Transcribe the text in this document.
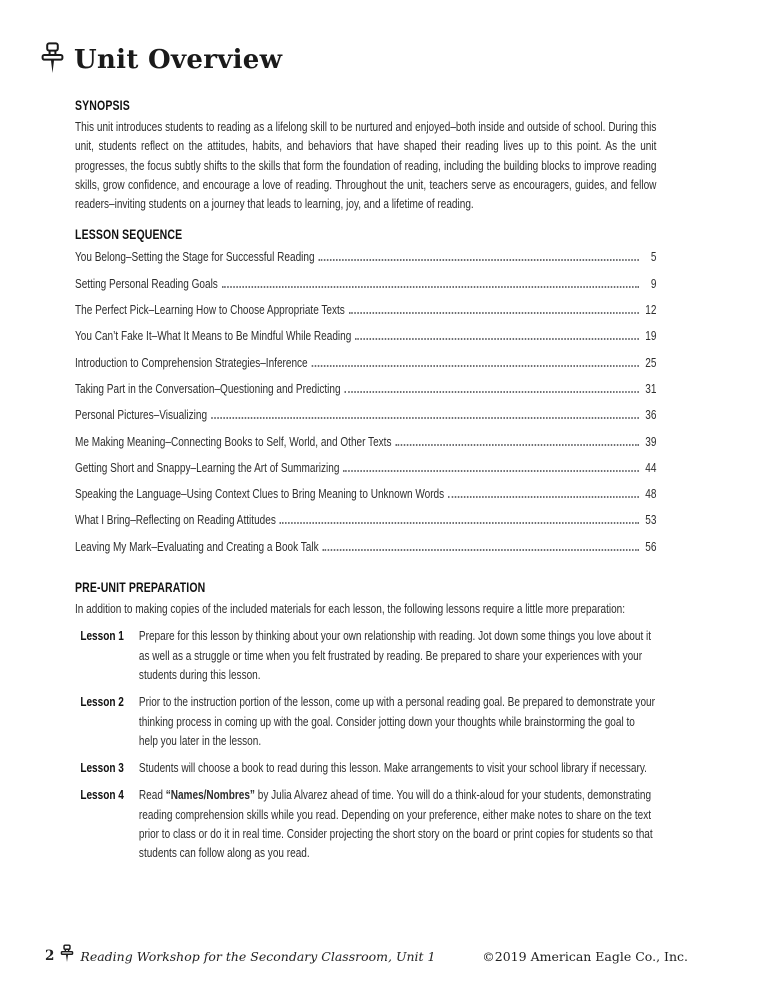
Unit Overview
SYNOPSIS

This unit introduces students to reading as a lifelong skill to be nurtured and enjoyed–both inside and outside of school. During this unit, students reflect on the attitudes, habits, and behaviors that have shaped their reading lives up to this point. As the unit progresses, the focus subtly shifts to the skills that form the foundation of reading, including the building blocks to improve reading skills, grow confidence, and encourage a love of reading. Throughout the unit, teachers serve as encouragers, guides, and fellow readers–inviting students on a journey that leads to learning, joy, and a lifetime of reading.

LESSON SEQUENCE
You Belong–Setting the Stage for Successful Reading	5
Setting Personal Reading Goals	9
The Perfect Pick–Learning How to Choose Appropriate Texts	12
You Can’t Fake It–What It Means to Be Mindful While Reading	19
Introduction to Comprehension Strategies–Inference	25
Taking Part in the Conversation–Questioning and Predicting	31
Personal Pictures–Visualizing	36
Me Making Meaning–Connecting Books to Self, World, and Other Texts	39
Getting Short and Snappy–Learning the Art of Summarizing	44
Speaking the Language–Using Context Clues to Bring Meaning to Unknown Words	48
What I Bring–Reflecting on Reading Attitudes	53
Leaving My Mark–Evaluating and Creating a Book Talk	56
PRE-UNIT PREPARATION

In addition to making copies of the included materials for each lesson, the following lessons require a little more preparation:

Lesson 1	Prepare for this lesson by thinking about your own relationship with reading. Jot down some things you love about it as well as a struggle or time when you felt frustrated by reading. Be prepared to share your experiences with your students during this lesson.
Lesson 2	Prior to the instruction portion of the lesson, come up with a personal reading goal. Be prepared to demonstrate your thinking process in coming up with the goal. Consider jotting down your thoughts while brainstorming the goal to help you later in the lesson.
Lesson 3	Students will choose a book to read during this lesson. Make arrangements to visit your school library if necessary.
Lesson 4	Read “Names/Nombres” by Julia Alvarez ahead of time. You will do a think-aloud for your students, demonstrating reading comprehension skills while you read. Depending on your preference, either make notes to share on the text prior to class or do it in real time. Consider projecting the short story on the board or print copies for students so that students can follow along as you read.
2 Reading Workshop for the Secondary Classroom, Unit 1	©2019 American Eagle Co., Inc.
